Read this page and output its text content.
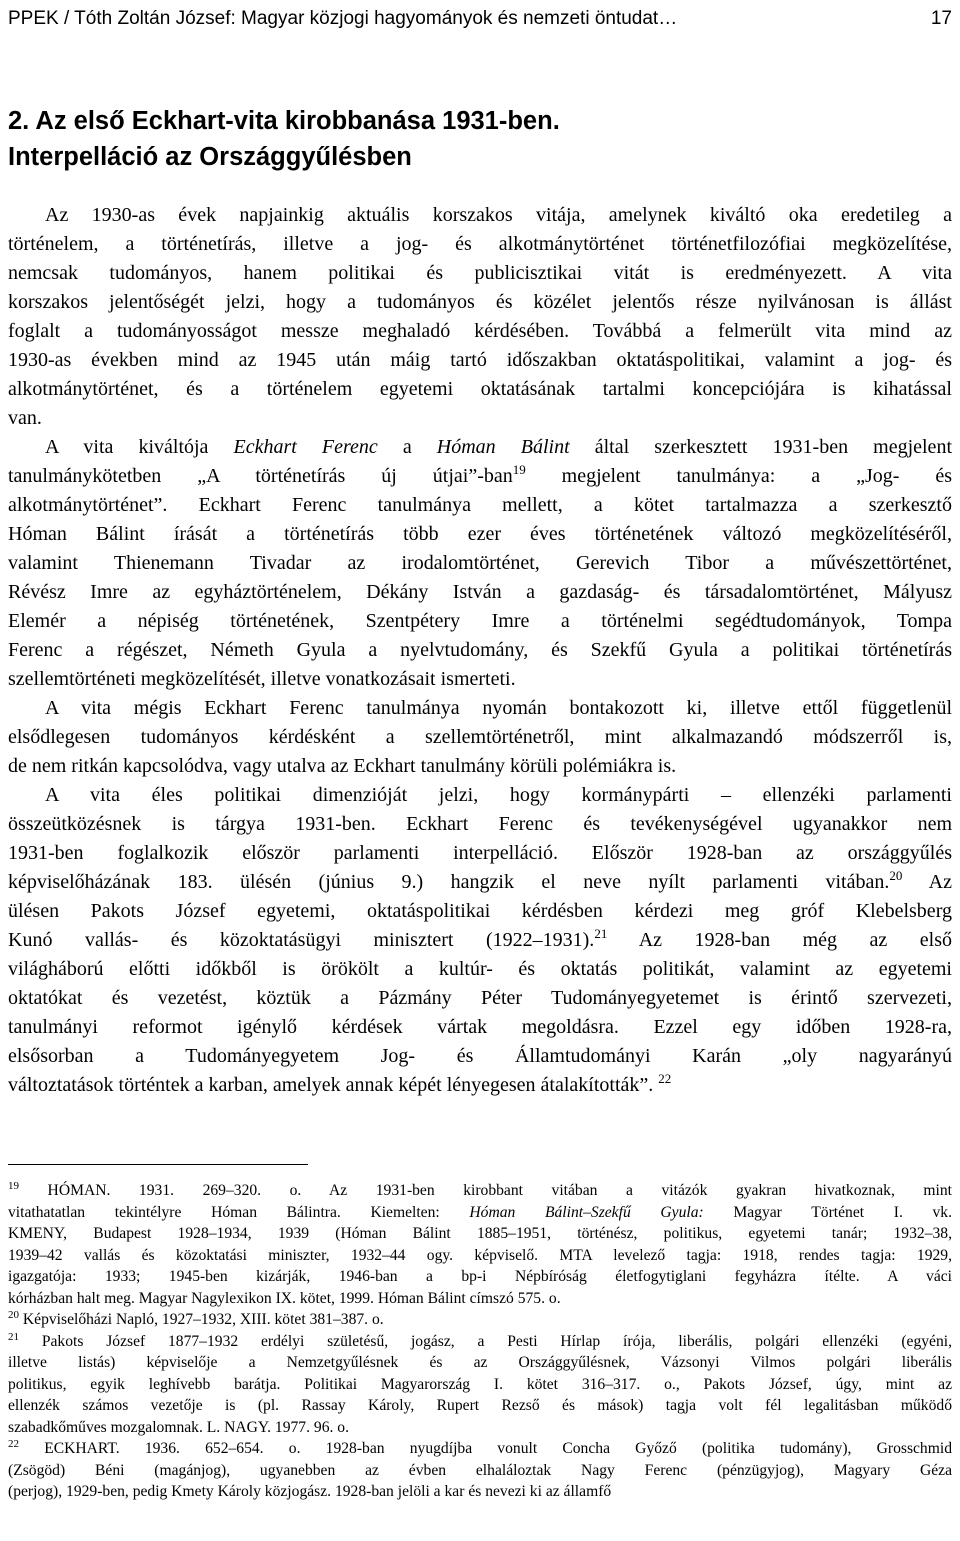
PPEK / Tóth Zoltán József: Magyar közjogi hagyományok és nemzeti öntudat…	17
2. Az első Eckhart-vita kirobbanása 1931-ben.
Interpelláció az Országgyűlésben
Az 1930-as évek napjainkig aktuális korszakos vitája, amelynek kiváltó oka eredetileg a
történelem, a történetírás, illetve a jog- és alkotmánytörténet történetfilozófiai megközelítése,
nemcsak tudományos, hanem politikai és publicisztikai vitát is eredményezett. A vita
korszakos jelentőségét jelzi, hogy a tudományos és közélet jelentős része nyilvánosan is állást
foglalt a tudományosságot messze meghaladó kérdésében. Továbbá a felmerült vita mind az
1930-as években mind az 1945 után máig tartó időszakban oktatáspolitikai, valamint a jog- és
alkotmánytörténet, és a történelem egyetemi oktatásának tartalmi koncepciójára is kihatással
van.
A vita kiváltója Eckhart Ferenc a Hóman Bálint által szerkesztett 1931-ben megjelent
tanulmánykötetben „A történetírás új útjai”-ban$^{19}$ megjelent tanulmánya: a „Jog- és
alkotmánytörténet”. Eckhart Ferenc tanulmánya mellett, a kötet tartalmazza a szerkesztő
Hóman Bálint írását a történetírás több ezer éves történetének változó megközelítéséről,
valamint Thienemann Tivadar az irodalomtörténet, Gerevich Tibor a művészettörténet,
Révész Imre az egyháztörténelem, Dékány István a gazdaság- és társadalomtörténet, Mályusz
Elemér a népiség történetének, Szentpétery Imre a történelmi segédtudományok, Tompa
Ferenc a régészet, Németh Gyula a nyelvtudomány, és Szekfű Gyula a politikai történetírás
szellemtörténeti megközelítését, illetve vonatkozásait ismerteti.
A vita mégis Eckhart Ferenc tanulmánya nyomán bontakozott ki, illetve ettől függetlenül
elsődlegesen tudományos kérdésként a szellemtörténetről, mint alkalmazandó módszerről is,
de nem ritkán kapcsolódva, vagy utalva az Eckhart tanulmány körüli polémiákra is.
A vita éles politikai dimenzióját jelzi, hogy kormánypárti – ellenzéki parlamenti
összeütközésnek is tárgya 1931-ben. Eckhart Ferenc és tevékenységével ugyanakkor nem
1931-ben foglalkozik először parlamenti interpelláció. Először 1928-ban az országgyűlés
képviselőházának 183. ülésén (június 9.) hangzik el neve nyílt parlamenti vitában.$^{20}$ Az
ülésen Pakots József egyetemi, oktatáspolitikai kérdésben kérdezi meg gróf Klebelsberg
Kunó vallás- és közoktatásügyi minisztert (1922–1931).$^{21}$ Az 1928-ban még az első
világháború előtti időkből is örökölt a kultúr- és oktatás politikát, valamint az egyetemi
oktatókat és vezetést, köztük a Pázmány Péter Tudományegyetemet is érintő szervezeti,
tanulmányi reformot igénylő kérdések vártak megoldásra. Ezzel egy időben 1928-ra,
elsősorban a Tudományegyetem Jog- és Államtudományi Karán „oly nagyarányú
változtatások történtek a karban, amelyek annak képét lényegesen átalakították”. $^{22}$
$^{19}$ HÓMAN. 1931. 269–320. o. Az 1931-ben kirobbant vitában a vitázók gyakran hivatkoznak, mint
vitathatatlan tekintélyre Hóman Bálintra. Kiemelten: Hóman Bálint–Szekfű Gyula: Magyar Történet I. vk.
KMENY, Budapest 1928–1934, 1939 (Hóman Bálint 1885–1951, történész, politikus, egyetemi tanár; 1932–38,
1939–42 vallás és közoktatási miniszter, 1932–44 ogy. képviselő. MTA levelező tagja: 1918, rendes tagja: 1929,
igazgatója: 1933; 1945-ben kizárják, 1946-ban a bp-i Népbíróság életfogytiglani fegyházra ítélte. A váci
kórházban halt meg. Magyar Nagylexikon IX. kötet, 1999. Hóman Bálint címszó 575. o.
$^{20}$ Képviselőházi Napló, 1927–1932, XIII. kötet 381–387. o.
$^{21}$ Pakots József 1877–1932 erdélyi születésű, jogász, a Pesti Hírlap írója, liberális, polgári ellenzéki (egyéni,
illetve listás) képviselője a Nemzetgyűlésnek és az Országgyűlésnek, Vázsonyi Vilmos polgári liberális
politikus, egyik leghívebb barátja. Politikai Magyarország I. kötet 316–317. o., Pakots József, úgy, mint az
ellenzék számos vezetője is (pl. Rassay Károly, Rupert Rezső és mások) tagja volt fél legalitásban működő
szabadkőműves mozgalomnak. L. NAGY. 1977. 96. o.
$^{22}$ ECKHART. 1936. 652–654. o. 1928-ban nyugdíjba vonult Concha Győző (politika tudomány), Grosschmid
(Zsögöd) Béni (magánjog), ugyanebben az évben elhaláloztak Nagy Ferenc (pénzügyjog), Magyary Géza
(perjog), 1929-ben, pedig Kmety Károly közjogász. 1928-ban jelöli a kar és nevezi ki az államfő
